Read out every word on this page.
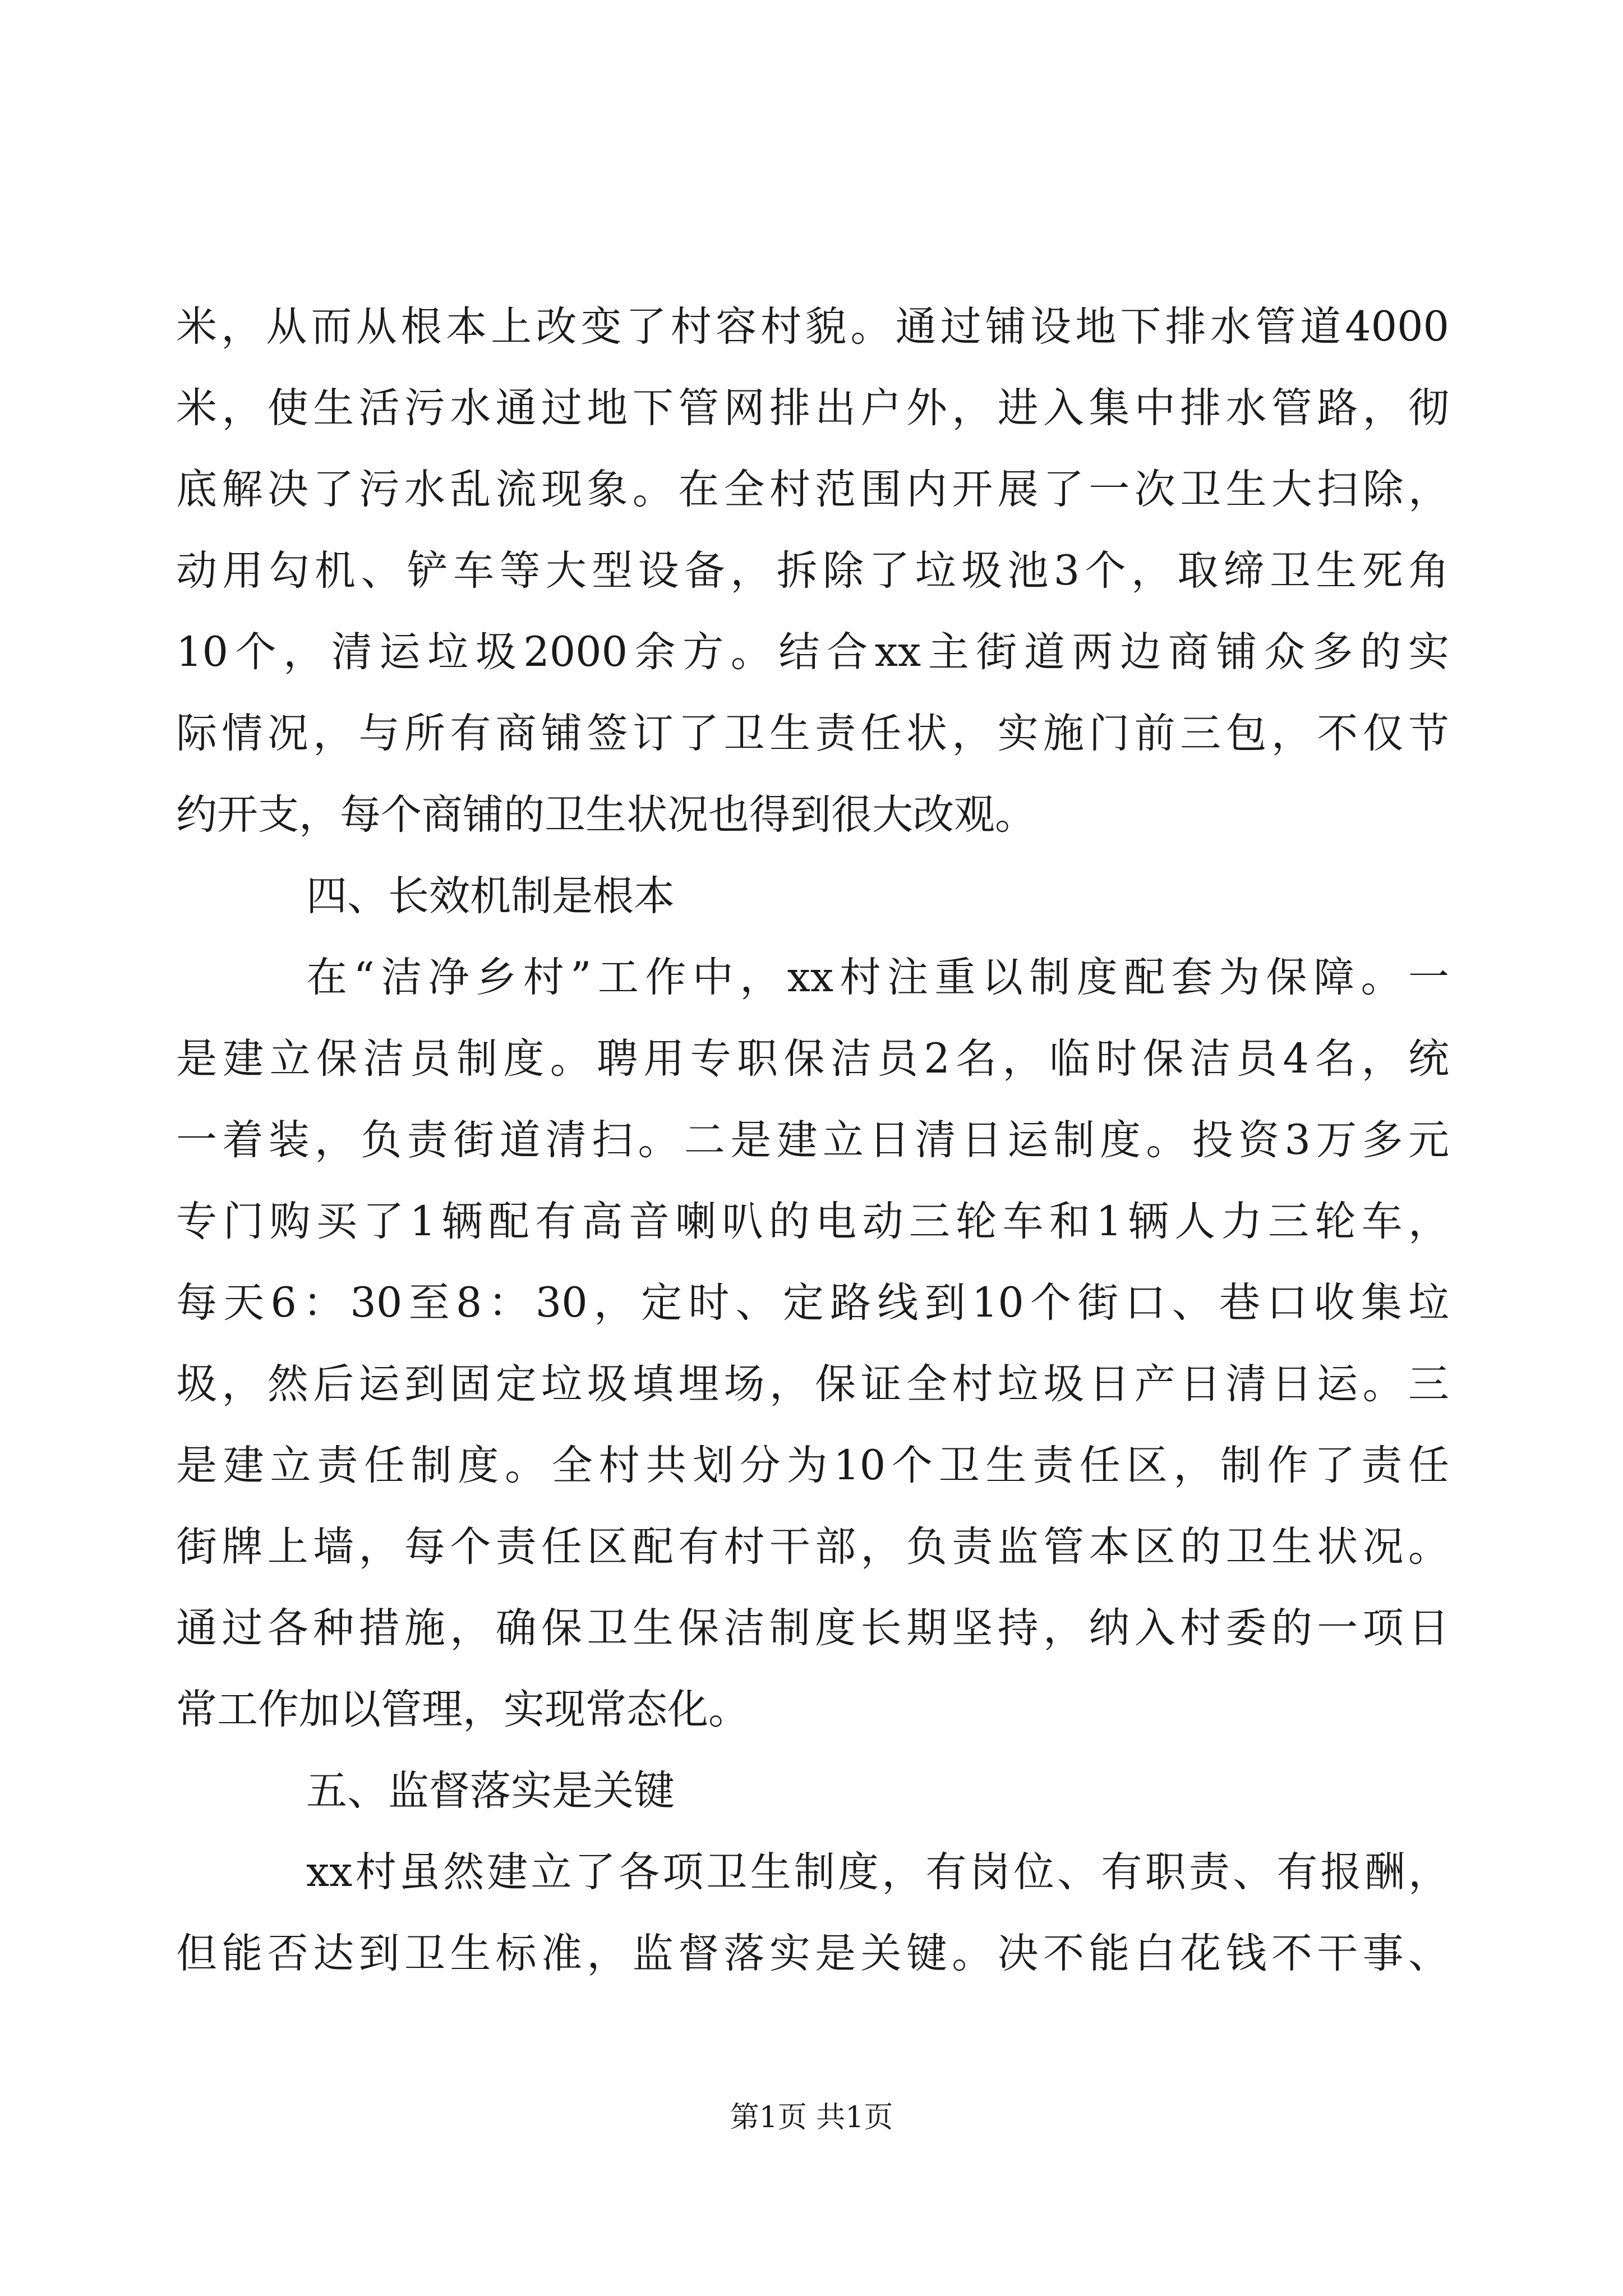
米，从而从根本上改变了村容村貌。通过铺设地下排水管道4000
米，使生活污水通过地下管网排出户外，进入集中排水管路，彻
底解决了污水乱流现象。在全村范围内开展了一次卫生大扫除，
动用勾机、铲车等大型设备，拆除了垃圾池3个，取缔卫生死角
10个，清运垃圾2000余方。结合xx主街道两边商铺众多的实
际情况，与所有商铺签订了卫生责任状，实施门前三包，不仅节
约开支，每个商铺的卫生状况也得到很大改观。
四、长效机制是根本
在“洁净乡村”工作中，xx村注重以制度配套为保障。一
是建立保洁员制度。聘用专职保洁员2名，临时保洁员4名，统
一着装，负责街道清扫。二是建立日清日运制度。投资3万多元
专门购买了1辆配有高音喇叭的电动三轮车和1辆人力三轮车，
每天6：30至8：30，定时、定路线到10个街口、巷口收集垃
圾，然后运到固定垃圾填埋场，保证全村垃圾日产日清日运。三
是建立责任制度。全村共划分为10个卫生责任区，制作了责任
街牌上墙，每个责任区配有村干部，负责监管本区的卫生状况。
通过各种措施，确保卫生保洁制度长期坚持，纳入村委的一项日
常工作加以管理，实现常态化。
五、监督落实是关键
xx村虽然建立了各项卫生制度，有岗位、有职责、有报酬，
但能否达到卫生标准，监督落实是关键。决不能白花钱不干事、
第1页 共1页
